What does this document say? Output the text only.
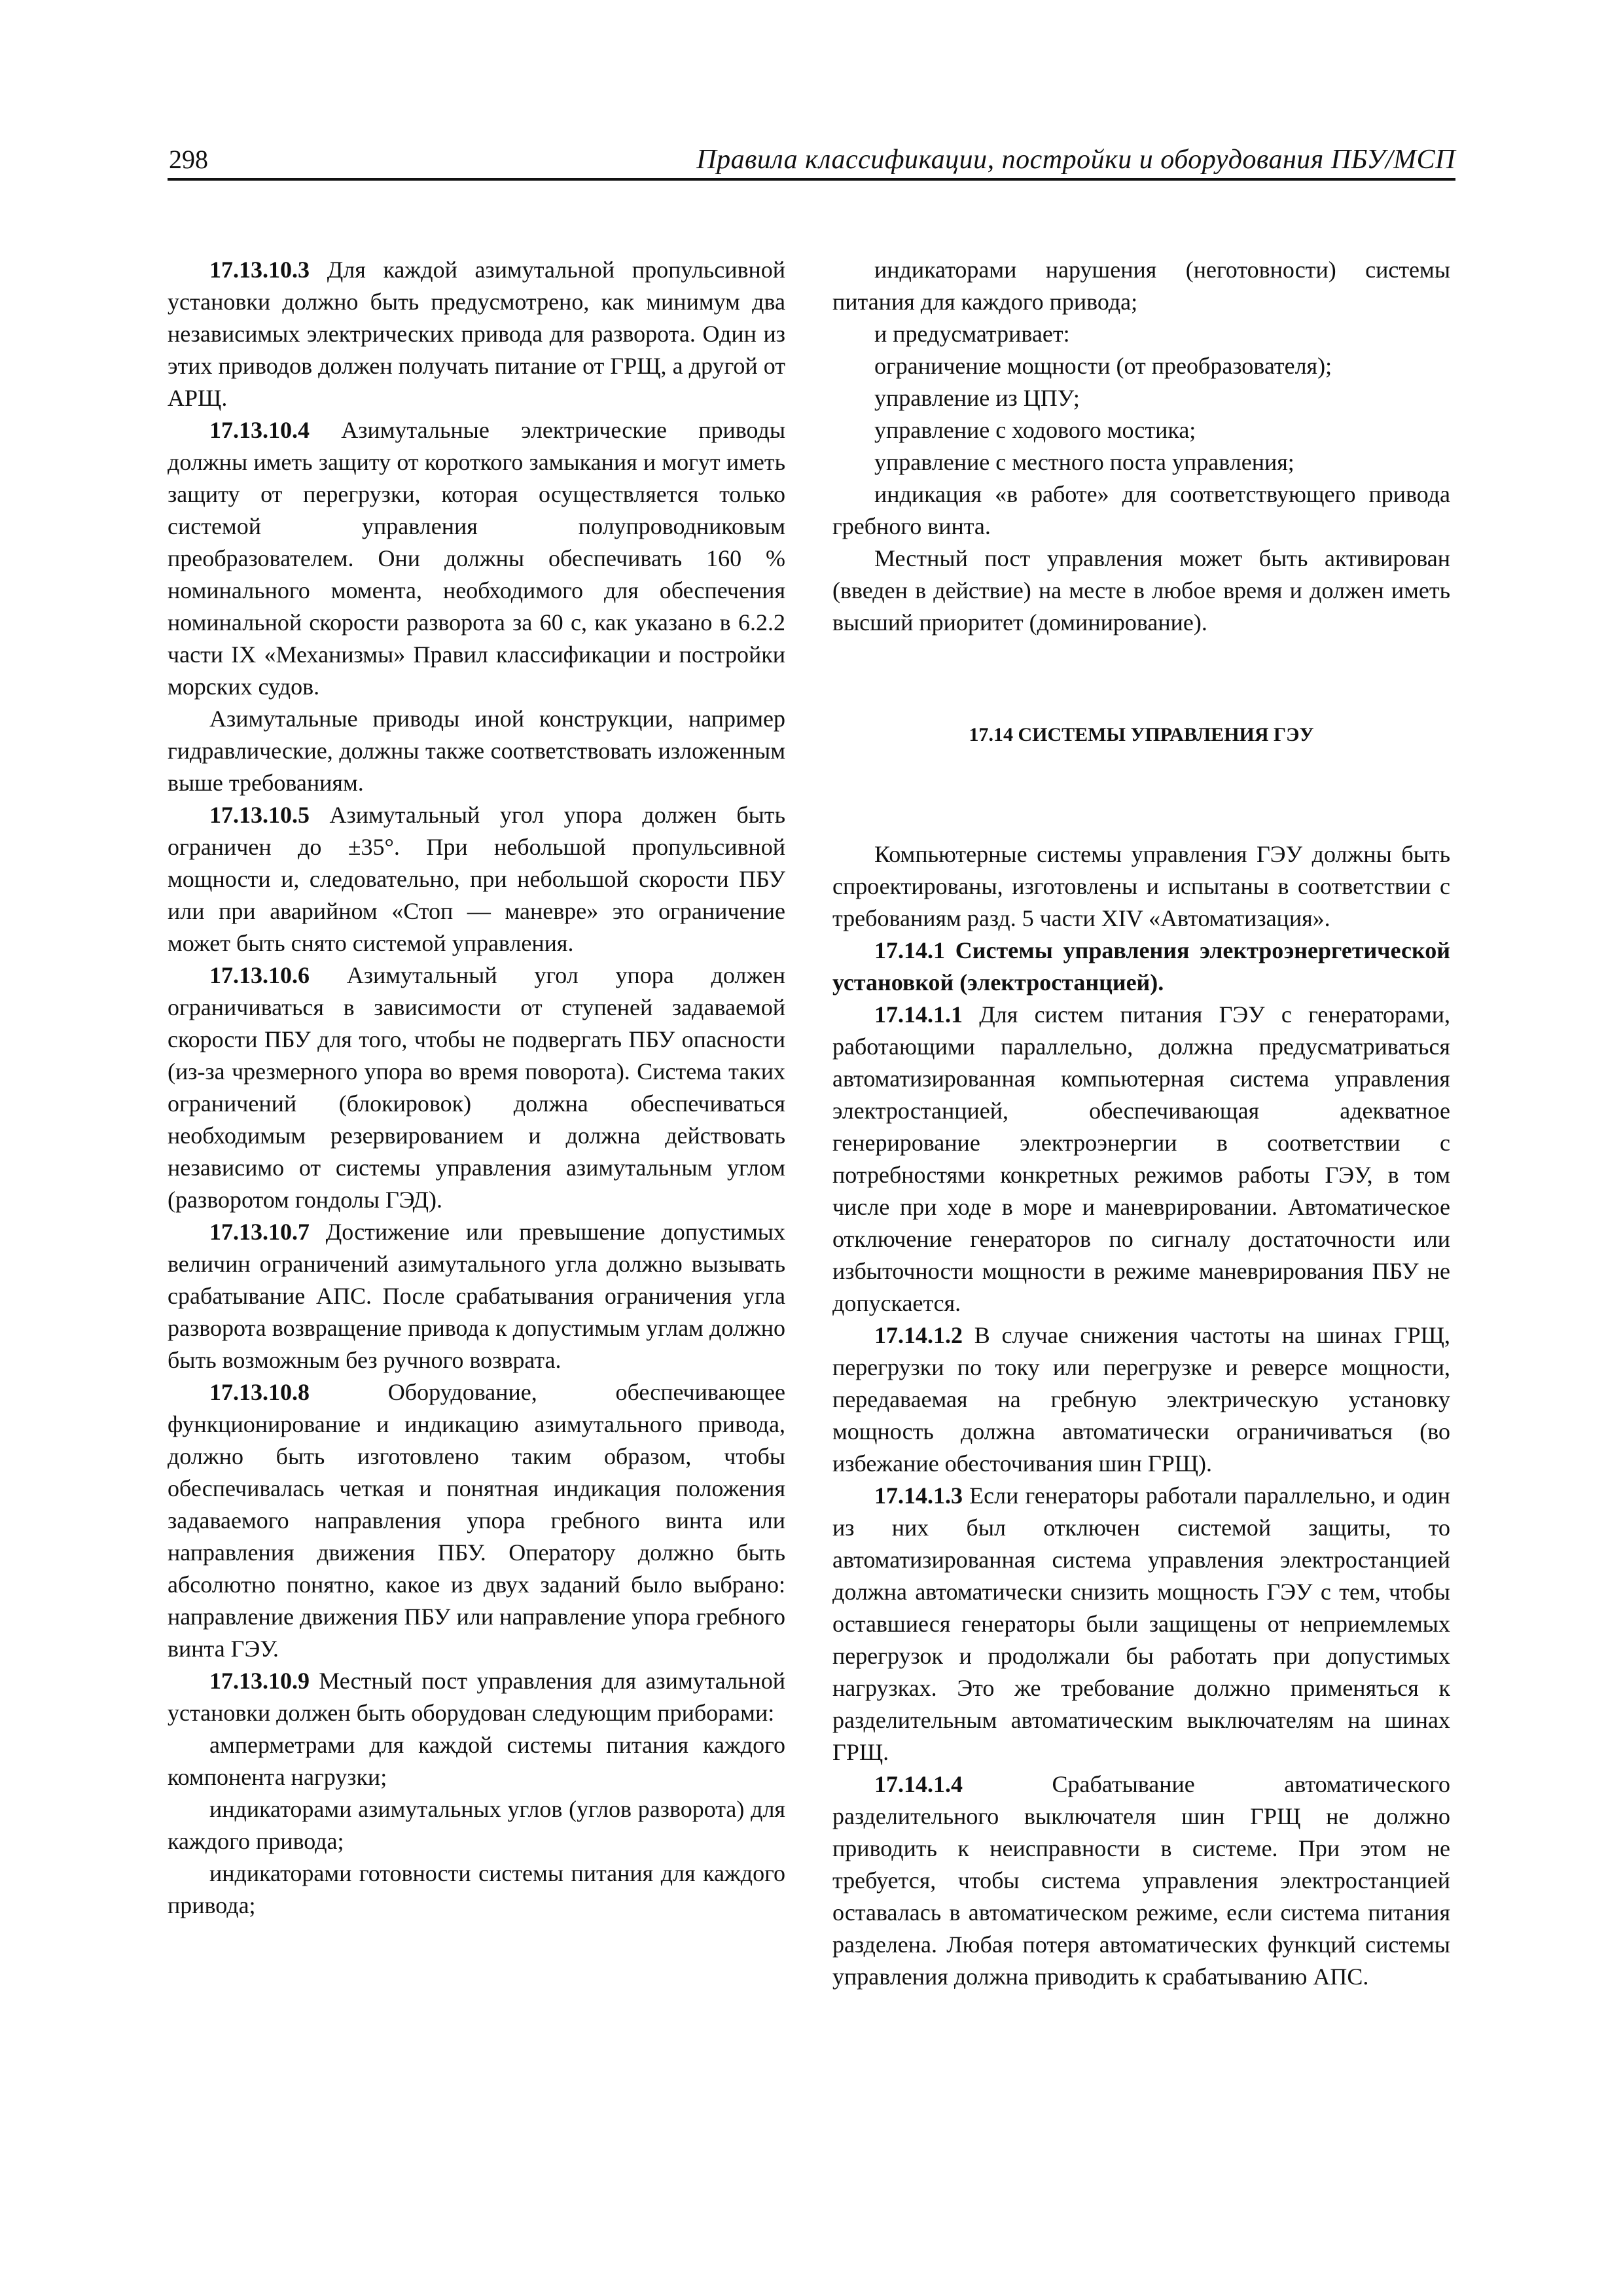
298	Правила классификации, постройки и оборудования ПБУ/МСП

17.13.10.3 Для каждой азимутальной пропульсивной установки должно быть предусмотрено, как минимум два независимых электрических привода для разворота. Один из этих приводов должен получать питание от ГРЩ, а другой от АРЩ.

17.13.10.4 Азимутальные электрические приводы должны иметь защиту от короткого замыкания и могут иметь защиту от перегрузки, которая осуществляется только системой управления полупроводниковым преобразователем. Они должны обеспечивать 160 % номинального момента, необходимого для обеспечения номинальной скорости разворота за 60 с, как указано в 6.2.2 части IX «Механизмы» Правил классификации и постройки морских судов.

Азимутальные приводы иной конструкции, например гидравлические, должны также соответствовать изложенным выше требованиям.

17.13.10.5 Азимутальный угол упора должен быть ограничен до ±35°. При небольшой пропульсивной мощности и, следовательно, при небольшой скорости ПБУ или при аварийном «Стоп — маневре» это ограничение может быть снято системой управления.

17.13.10.6 Азимутальный угол упора должен ограничиваться в зависимости от ступеней задаваемой скорости ПБУ для того, чтобы не подвергать ПБУ опасности (из-за чрезмерного упора во время поворота). Система таких ограничений (блокировок) должна обеспечиваться необходимым резервированием и должна действовать независимо от системы управления азимутальным углом (разворотом гондолы ГЭД).

17.13.10.7 Достижение или превышение допустимых величин ограничений азимутального угла должно вызывать срабатывание АПС. После срабатывания ограничения угла разворота возвращение привода к допустимым углам должно быть возможным без ручного возврата.

17.13.10.8 Оборудование, обеспечивающее функционирование и индикацию азимутального привода, должно быть изготовлено таким образом, чтобы обеспечивалась четкая и понятная индикация положения задаваемого направления упора гребного винта или направления движения ПБУ. Оператору должно быть абсолютно понятно, какое из двух заданий было выбрано: направление движения ПБУ или направление упора гребного винта ГЭУ.

17.13.10.9 Местный пост управления для азимутальной установки должен быть оборудован следующим приборами:

амперметрами для каждой системы питания каждого компонента нагрузки;

индикаторами азимутальных углов (углов разворота) для каждого привода;

индикаторами готовности системы питания для каждого привода;

индикаторами нарушения (неготовности) системы питания для каждого привода;

и предусматривает:

ограничение мощности (от преобразователя);

управление из ЦПУ;

управление с ходового мостика;

управление с местного поста управления;

индикация «в работе» для соответствующего привода гребного винта.

Местный пост управления может быть активирован (введен в действие) на месте в любое время и должен иметь высший приоритет (доминирование).

17.14 СИСТЕМЫ УПРАВЛЕНИЯ ГЭУ

Компьютерные системы управления ГЭУ должны быть спроектированы, изготовлены и испытаны в соответствии с требованиям разд. 5 части XIV «Автоматизация».

17.14.1 Системы управления электроэнергетической установкой (электростанцией).

17.14.1.1 Для систем питания ГЭУ с генераторами, работающими параллельно, должна предусматриваться автоматизированная компьютерная система управления электростанцией, обеспечивающая адекватное генерирование электроэнергии в соответствии с потребностями конкретных режимов работы ГЭУ, в том числе при ходе в море и маневрировании. Автоматическое отключение генераторов по сигналу достаточности или избыточности мощности в режиме маневрирования ПБУ не допускается.

17.14.1.2 В случае снижения частоты на шинах ГРЩ, перегрузки по току или перегрузке и реверсе мощности, передаваемая на гребную электрическую установку мощность должна автоматически ограничиваться (во избежание обесточивания шин ГРЩ).

17.14.1.3 Если генераторы работали параллельно, и один из них был отключен системой защиты, то автоматизированная система управления электростанцией должна автоматически снизить мощность ГЭУ с тем, чтобы оставшиеся генераторы были защищены от неприемлемых перегрузок и продолжали бы работать при допустимых нагрузках. Это же требование должно применяться к разделительным автоматическим выключателям на шинах ГРЩ.

17.14.1.4 Срабатывание автоматического разделительного выключателя шин ГРЩ не должно приводить к неисправности в системе. При этом не требуется, чтобы система управления электростанцией оставалась в автоматическом режиме, если система питания разделена. Любая потеря автоматических функций системы управления должна приводить к срабатыванию АПС.
